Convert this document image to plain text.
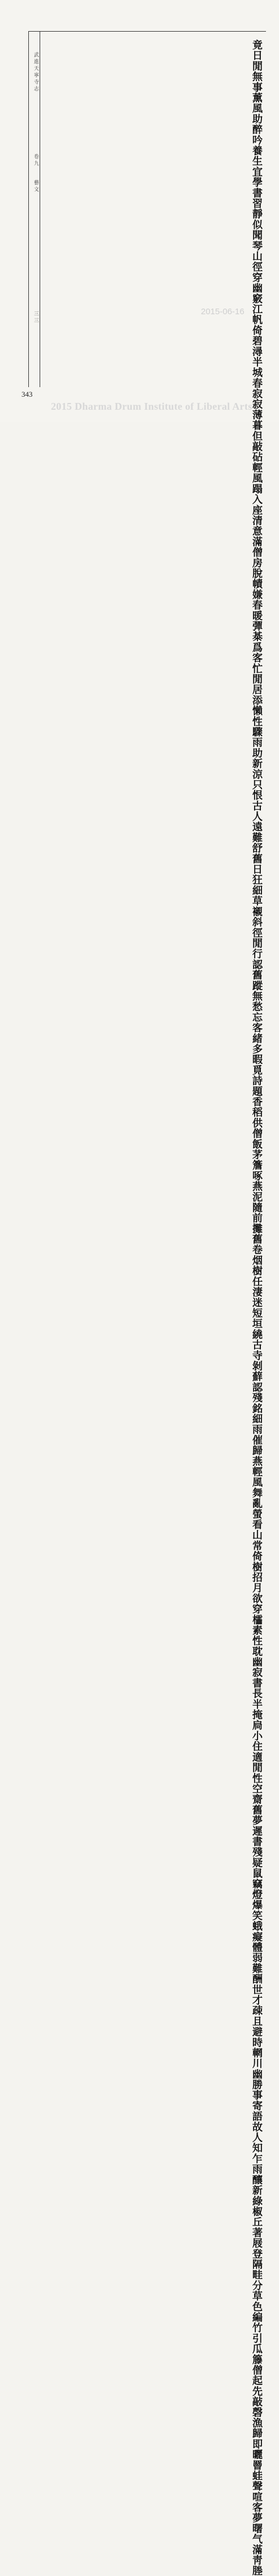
武進天寧寺志
卷九
藝文
三三	竟日閒無事薰風助醉吟養生宜學書習靜似聞琴山徑穿幽竅江帆倚碧潯半城春

寂寂薄暮但敲砧

輕風蹋入座清意滿僧房脫幘嫌春暖彈棊爲客忙閒居添懶性驟雨助新涼只恨古

人遠難舒舊日狂

細草襯斜徑閒行認舊蹤無愁忘客緒多暇覓詩題香稻供僧飯茅簷啄燕泥隨前攤

舊卷烟樹任淒迷

短垣繞古寺剝蘚認殘銘細雨催歸燕輕風舞亂螢看山常倚樹招月欲穿櫺素性耽

幽寂書長半掩扃

小住適閒性空齋舊夢遲書殘疑鼠竊燈爆笑蛾癡體弱難酬世才疎且避時輞川幽

勝事寄語故人知

乍雨釀新綠椒丘著屐登隔畦分草色編竹引瓜籐僧起先敲磬漁歸即曬罾蛙聲喧

客夢曙气滿靑塍

2015-06-16
343
2015 Dharma Drum Institute of Liberal Arts
